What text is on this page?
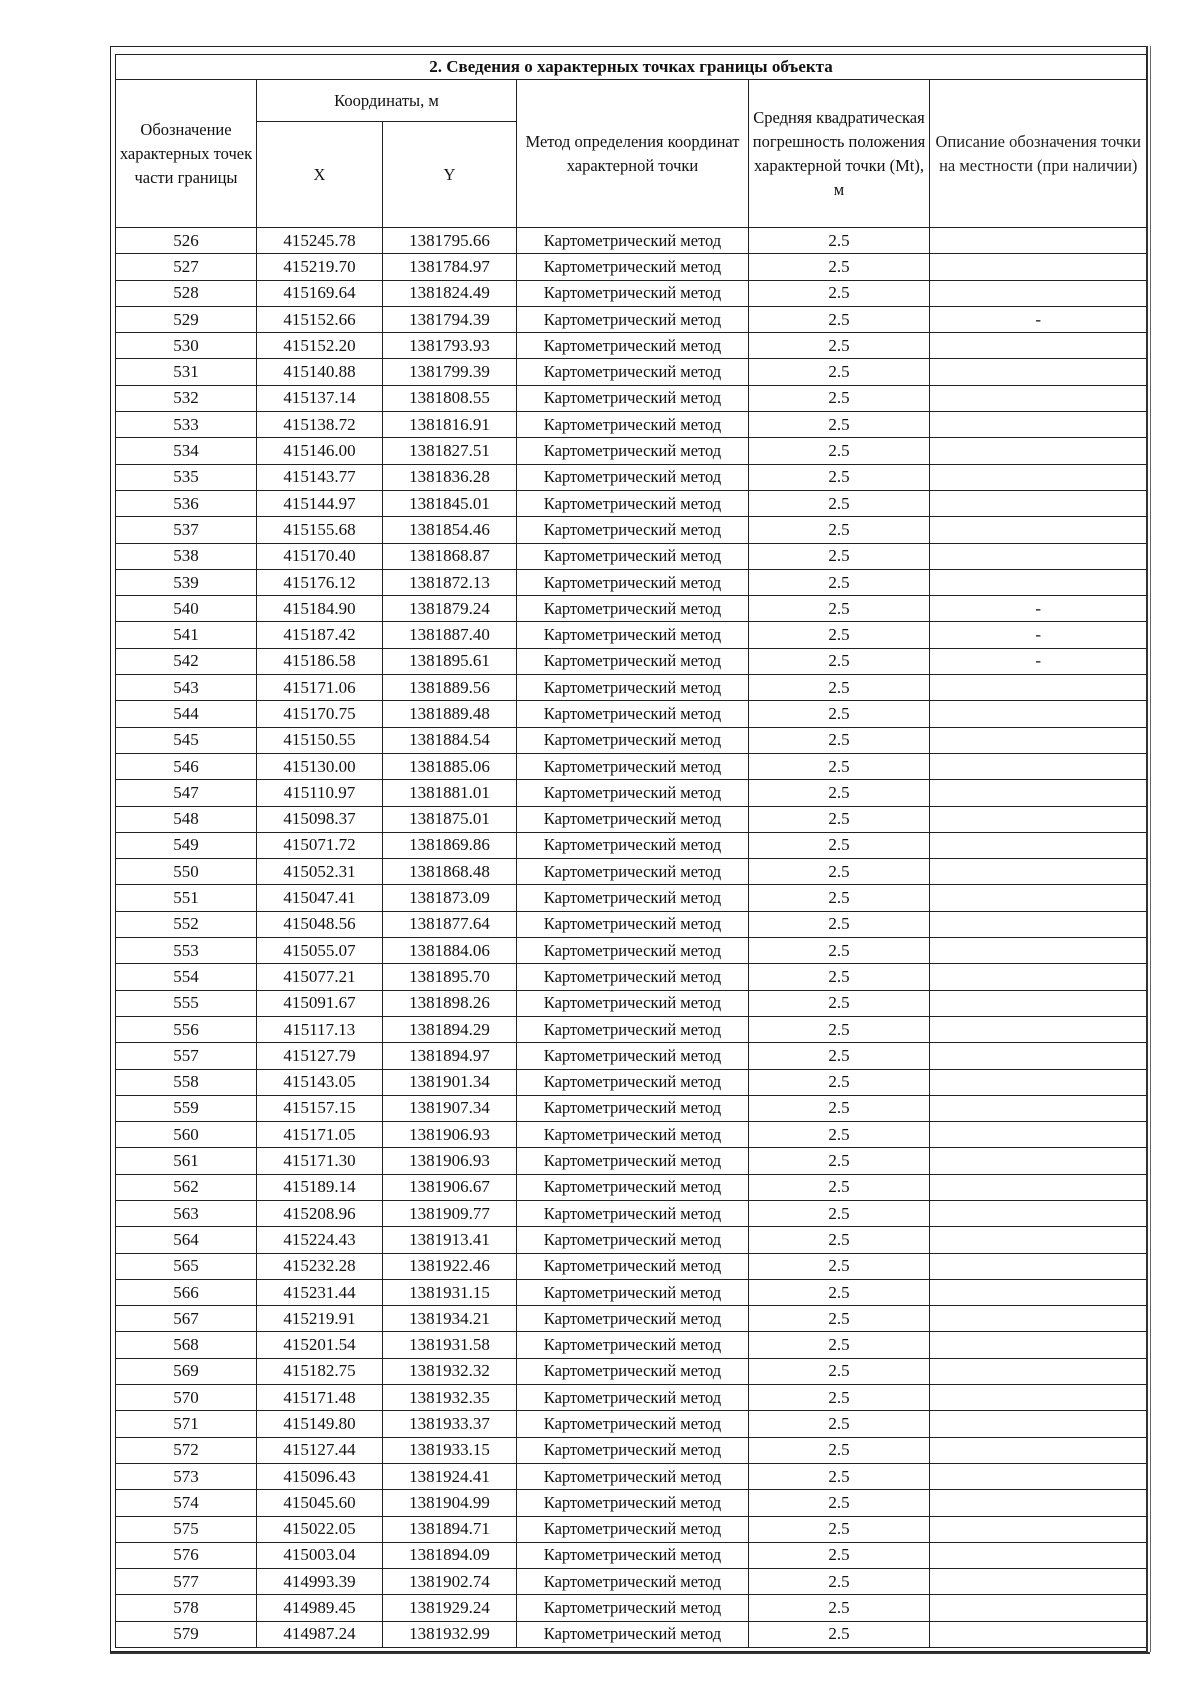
2. Сведения о характерных точках границы объекта					
Обозначение характерных точек части границы	Координаты, м		Метод определения координат характерной точки	Средняя квадратическая погрешность положения характерной точки (Mt), м	Описание обозначения точки на местности (при наличии)
	X	Y			
526	415245.78	1381795.66	Картометрический метод	2.5	
527	415219.70	1381784.97	Картометрический метод	2.5	
528	415169.64	1381824.49	Картометрический метод	2.5	
529	415152.66	1381794.39	Картометрический метод	2.5	-
530	415152.20	1381793.93	Картометрический метод	2.5	
531	415140.88	1381799.39	Картометрический метод	2.5	
532	415137.14	1381808.55	Картометрический метод	2.5	
533	415138.72	1381816.91	Картометрический метод	2.5	
534	415146.00	1381827.51	Картометрический метод	2.5	
535	415143.77	1381836.28	Картометрический метод	2.5	
536	415144.97	1381845.01	Картометрический метод	2.5	
537	415155.68	1381854.46	Картометрический метод	2.5	
538	415170.40	1381868.87	Картометрический метод	2.5	
539	415176.12	1381872.13	Картометрический метод	2.5	
540	415184.90	1381879.24	Картометрический метод	2.5	-
541	415187.42	1381887.40	Картометрический метод	2.5	-
542	415186.58	1381895.61	Картометрический метод	2.5	-
543	415171.06	1381889.56	Картометрический метод	2.5	
544	415170.75	1381889.48	Картометрический метод	2.5	
545	415150.55	1381884.54	Картометрический метод	2.5	
546	415130.00	1381885.06	Картометрический метод	2.5	
547	415110.97	1381881.01	Картометрический метод	2.5	
548	415098.37	1381875.01	Картометрический метод	2.5	
549	415071.72	1381869.86	Картометрический метод	2.5	
550	415052.31	1381868.48	Картометрический метод	2.5	
551	415047.41	1381873.09	Картометрический метод	2.5	
552	415048.56	1381877.64	Картометрический метод	2.5	
553	415055.07	1381884.06	Картометрический метод	2.5	
554	415077.21	1381895.70	Картометрический метод	2.5	
555	415091.67	1381898.26	Картометрический метод	2.5	
556	415117.13	1381894.29	Картометрический метод	2.5	
557	415127.79	1381894.97	Картометрический метод	2.5	
558	415143.05	1381901.34	Картометрический метод	2.5	
559	415157.15	1381907.34	Картометрический метод	2.5	
560	415171.05	1381906.93	Картометрический метод	2.5	
561	415171.30	1381906.93	Картометрический метод	2.5	
562	415189.14	1381906.67	Картометрический метод	2.5	
563	415208.96	1381909.77	Картометрический метод	2.5	
564	415224.43	1381913.41	Картометрический метод	2.5	
565	415232.28	1381922.46	Картометрический метод	2.5	
566	415231.44	1381931.15	Картометрический метод	2.5	
567	415219.91	1381934.21	Картометрический метод	2.5	
568	415201.54	1381931.58	Картометрический метод	2.5	
569	415182.75	1381932.32	Картометрический метод	2.5	
570	415171.48	1381932.35	Картометрический метод	2.5	
571	415149.80	1381933.37	Картометрический метод	2.5	
572	415127.44	1381933.15	Картометрический метод	2.5	
573	415096.43	1381924.41	Картометрический метод	2.5	
574	415045.60	1381904.99	Картометрический метод	2.5	
575	415022.05	1381894.71	Картометрический метод	2.5	
576	415003.04	1381894.09	Картометрический метод	2.5	
577	414993.39	1381902.74	Картометрический метод	2.5	
578	414989.45	1381929.24	Картометрический метод	2.5	
579	414987.24	1381932.99	Картометрический метод	2.5	
